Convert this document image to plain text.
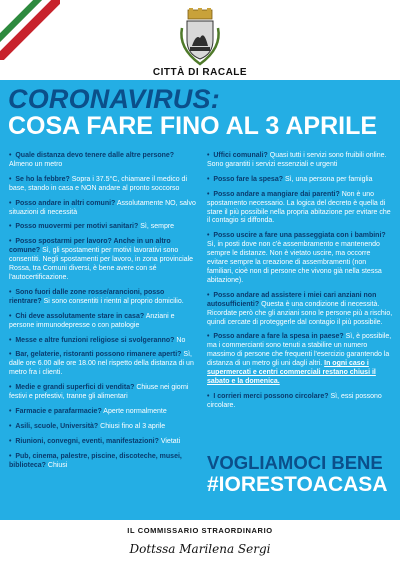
CITTÀ DI RACALE
CORONAVIRUS:
COSA FARE FINO AL 3 APRILE
•  Quale distanza devo tenere dalle altre persone? Almeno un metro
•  Se ho la febbre? Sopra i 37.5°C, chiamare il medico di base, stando in casa e NON andare al pronto soccorso
•  Posso andare in altri comuni? Assolutamente NO, salvo situazioni di necessità
•  Posso muovermi per motivi sanitari? Sì, sempre
•  Posso spostarmi per lavoro? Anche in un altro comune? Sì, gli spostamenti per motivi lavorativi sono consentiti. Negli spostamenti per lavoro, in zona provinciale Rossa, tra Comuni diversi, è bene avere con sé l'autocertificazione.
•  Sono fuori dalle zone rosse/arancioni, posso rientrare? Si sono consentiti i rientri al proprio domicilio.
•  Chi deve assolutamente stare in casa? Anziani e persone immunodepresse o con patologie
•  Messe e altre funzioni religiose si svolgeranno? No
•  Bar, gelaterie, ristoranti possono rimanere aperti? Sì, dalle ore 6.00 alle ore 18.00 nel rispetto della distanza di un metro fra i clienti.
•  Medie e grandi superfici di vendita? Chiuse nei giorni festivi e prefestivi, tranne gli alimentari
•  Farmacie e parafarmacie? Aperte normalmente
•  Asili, scuole, Università? Chiusi fino al 3 aprile
•  Riunioni, convegni, eventi, manifestazioni? Vietati
•  Pub, cinema, palestre, piscine, discoteche, musei, biblioteca? Chiusi
•  Uffici comunali? Quasi tutti i servizi sono fruibili online. Sono garantiti i servizi essenziali e urgenti
•  Posso fare la spesa? Sì, una persona per famiglia
•  Posso andare a mangiare dai parenti? Non è uno spostamento necessario. La logica del decreto è quella di stare il più possibile nella propria abitazione per evitare che il contagio si diffonda.
•  Posso uscire a fare una passeggiata con i bambini? Sì, in posti dove non c'è assembramento e mantenendo sempre le distanze. Non è vietato uscire, ma occorre evitare sempre la creazione di assembramenti (non familiari, cioè non di persone che vivono già nella stessa abitazione).
•  Posso andare ad assistere i miei cari anziani non autosufficienti? Questa è una condizione di necessità. Ricordate però che gli anziani sono le persone più a rischio, quindi cercate di proteggerle dal contagio il più possibile.
•  Posso andare a fare la spesa in paese? Sì, è possibile, ma i commercianti sono tenuti a stabilire un numero massimo di persone che frequenti l'esercizio garantendo la distanza di un metro gli uni dagli altri. In ogni caso i supermercati e centri commerciali restano chiusi il sabato e la domenica.
•  I corrieri merci possono circolare? Sì, essi possono circolare.
VOGLIAMOCI BENE
#IORESTOACASA
IL COMMISSARIO STRAORDINARIO
Dottssa Marilena Sergi
